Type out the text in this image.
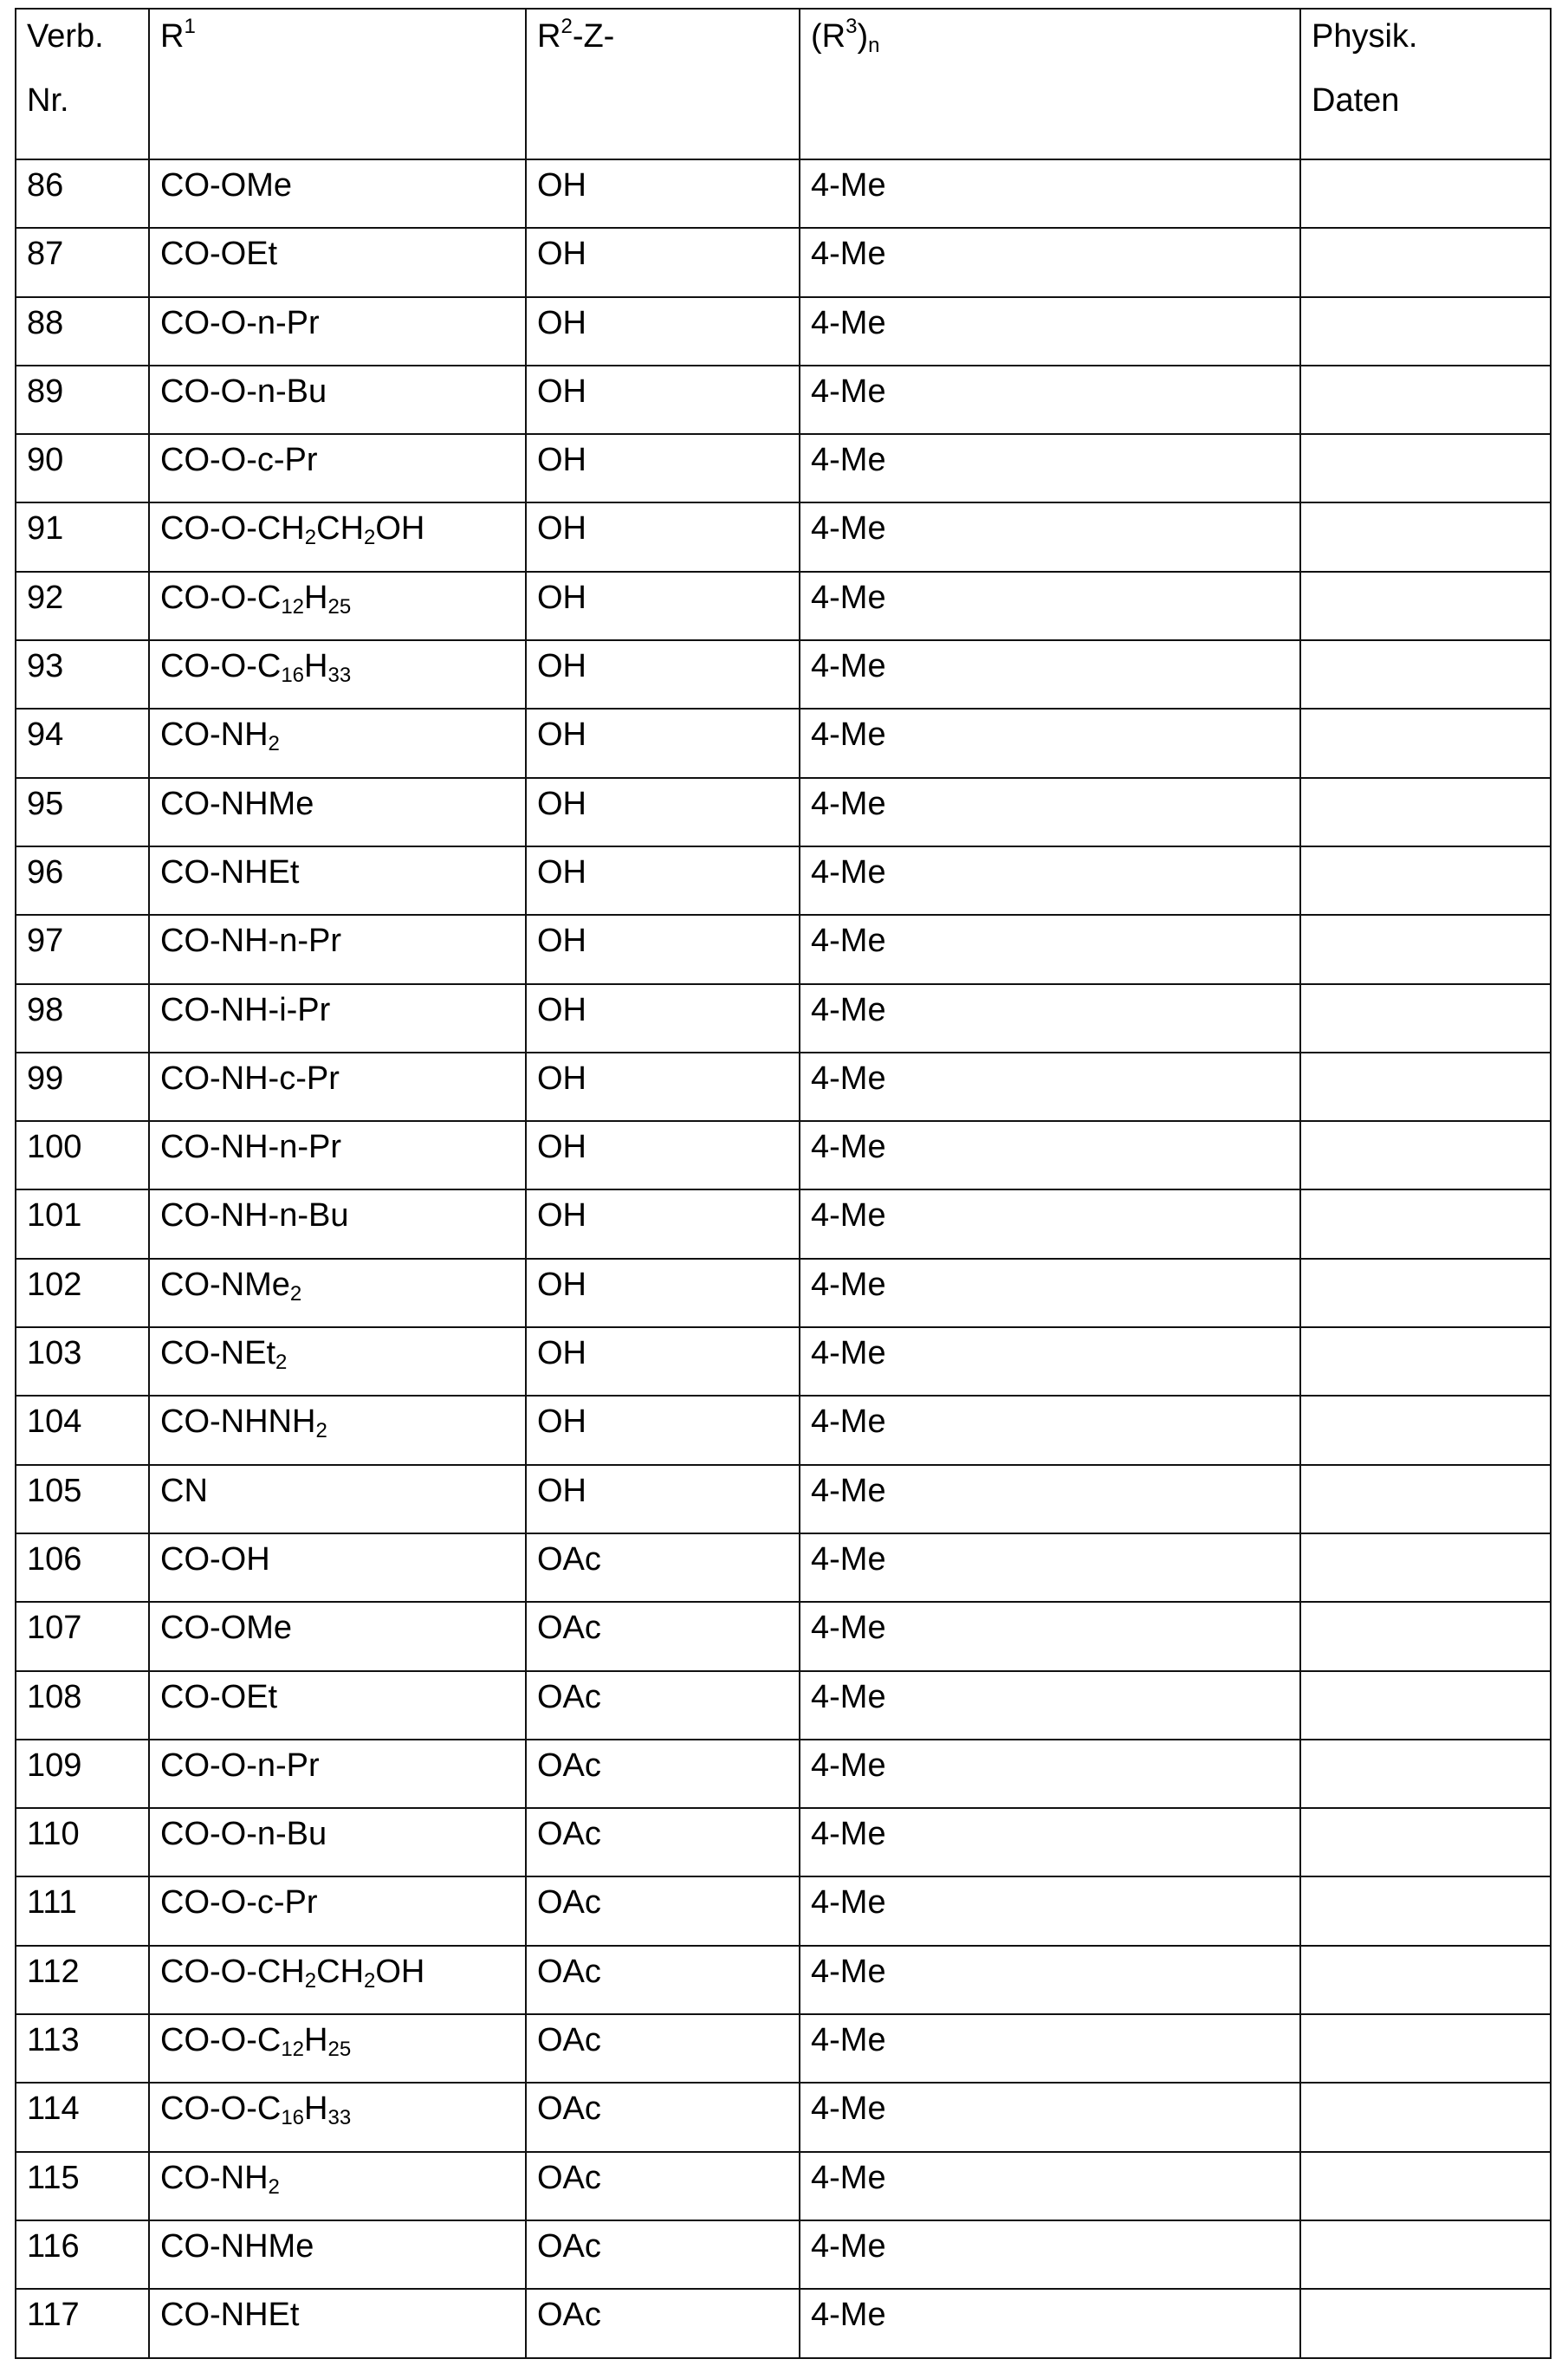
Verb.
Nr.	$R^1$	$R^2-Z-$	$(R^3)_n$	Physik.
Daten

86	CO-OMe	OH	4-Me	
87	CO-OEt	OH	4-Me	
88	CO-O-n-Pr	OH	4-Me	
89	CO-O-n-Bu	OH	4-Me	
90	CO-O-c-Pr	OH	4-Me	
91	$CO-O-CH_2CH_2OH$	OH	4-Me	
92	$CO-O-C_{12}H_{25}$	OH	4-Me	
93	$CO-O-C_{16}H_{33}$	OH	4-Me	
94	$CO-NH_2$	OH	4-Me	
95	CO-NHMe	OH	4-Me	
96	CO-NHEt	OH	4-Me	
97	CO-NH-n-Pr	OH	4-Me	
98	CO-NH-i-Pr	OH	4-Me	
99	CO-NH-c-Pr	OH	4-Me	
100	CO-NH-n-Pr	OH	4-Me	
101	CO-NH-n-Bu	OH	4-Me	
102	CO-NMe$_2$	OH	4-Me	
103	CO-NEt$_2$	OH	4-Me	
104	$CO-NHNH_2$	OH	4-Me	
105	CN	OH	4-Me	
106	CO-OH	OAc	4-Me	
107	CO-OMe	OAc	4-Me	
108	CO-OEt	OAc	4-Me	
109	CO-O-n-Pr	OAc	4-Me	
110	CO-O-n-Bu	OAc	4-Me	
111	CO-O-c-Pr	OAc	4-Me	
112	$CO-O-CH_2CH_2OH$	OAc	4-Me	
113	$CO-O-C_{12}H_{25}$	OAc	4-Me	
114	$CO-O-C_{16}H_{33}$	OAc	4-Me	
115	$CO-NH_2$	OAc	4-Me	
116	CO-NHMe	OAc	4-Me	
117	CO-NHEt	OAc	4-Me	
